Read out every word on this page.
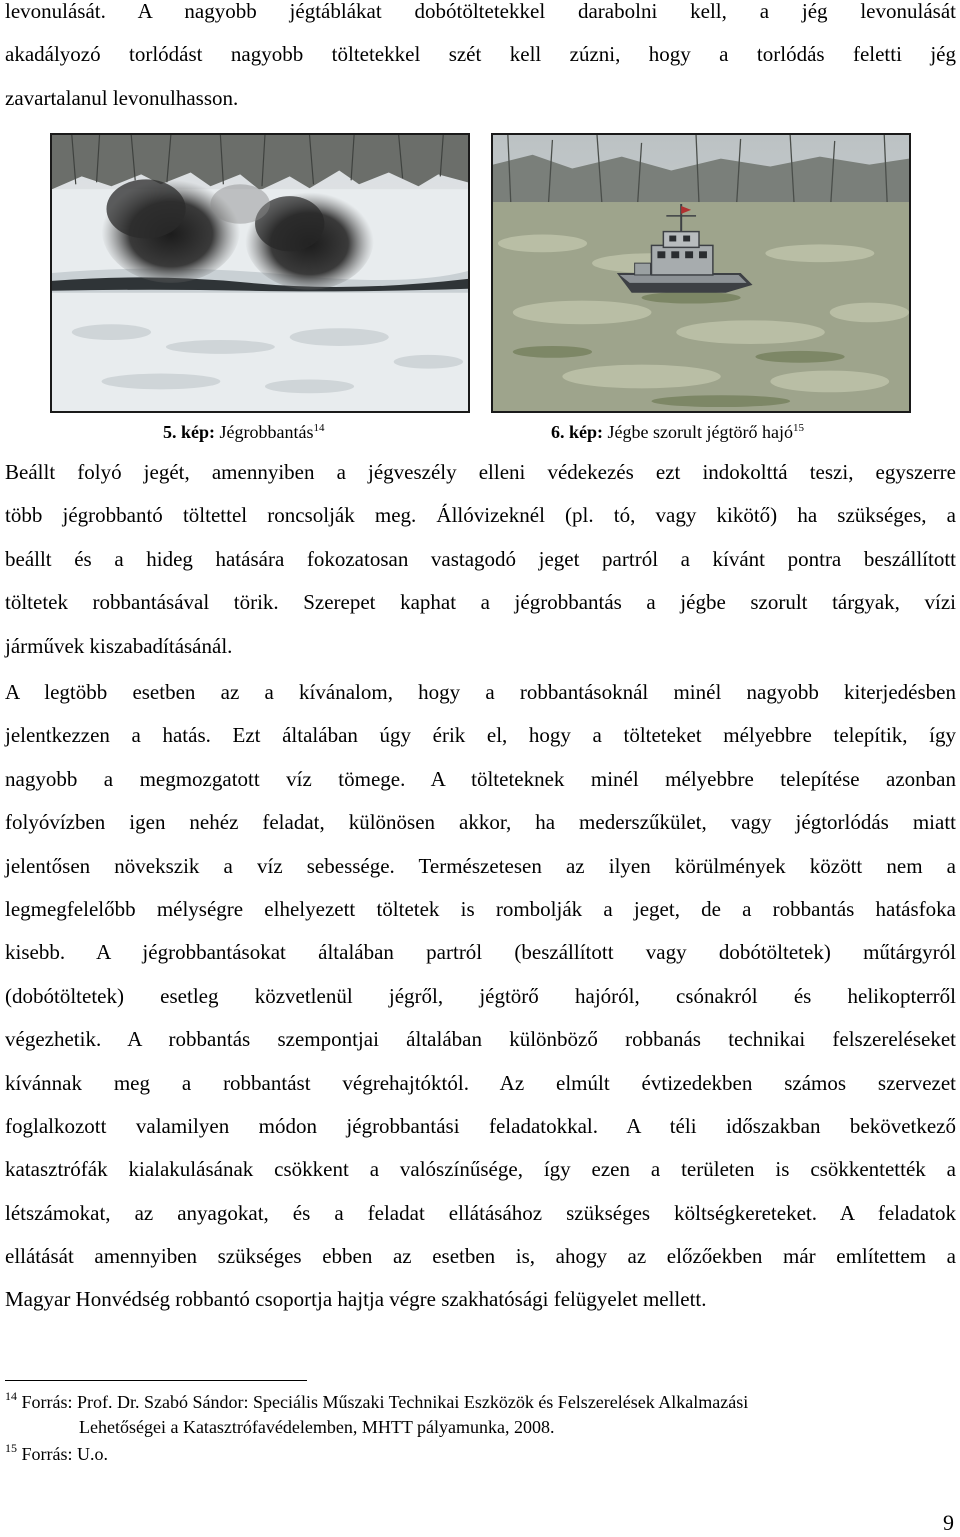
levonulását. A nagyobb jégtáblákat dobótöltetekkel darabolni kell, a jég levonulását
akadályozó torlódást nagyobb töltetekkel szét kell zúzni, hogy a torlódás feletti jég
zavartalanul levonulhasson.
5. kép: Jégrobbantás$^{14}$	6. kép: Jégbe szorult jégtörő hajó$^{15}$
Beállt folyó jegét, amennyiben a jégveszély elleni védekezés ezt indokolttá teszi, egyszerre
több jégrobbantó töltettel roncsolják meg. Állóvizeknél (pl. tó, vagy kikötő) ha szükséges, a
beállt és a hideg hatására fokozatosan vastagodó jeget partról a kívánt pontra beszállított
töltetek robbantásával törik. Szerepet kaphat a jégrobbantás a jégbe szorult tárgyak, vízi
járművek kiszabadításánál.
A legtöbb esetben az a kívánalom, hogy a robbantásoknál minél nagyobb kiterjedésben
jelentkezzen a hatás. Ezt általában úgy érik el, hogy a tölteteket mélyebbre telepítik, így
nagyobb a megmozgatott víz tömege. A tölteteknek minél mélyebbre telepítése azonban
folyóvízben igen nehéz feladat, különösen akkor, ha mederszűkület, vagy jégtorlódás miatt
jelentősen növekszik a víz sebessége. Természetesen az ilyen körülmények között nem a
legmegfelelőbb mélységre elhelyezett töltetek is rombolják a jeget, de a robbantás hatásfoka
kisebb. A jégrobbantásokat általában partról (beszállított vagy dobótöltetek) műtárgyról
(dobótöltetek) esetleg közvetlenül jégről, jégtörő hajóról, csónakról és helikopterről
végezhetik. A robbantás szempontjai általában különböző robbanás technikai felszereléseket
kívánnak meg a robbantást végrehajtóktól. Az elmúlt évtizedekben számos szervezet
foglalkozott valamilyen módon jégrobbantási feladatokkal. A téli időszakban bekövetkező
katasztrófák kialakulásának csökkent a valószínűsége, így ezen a területen is csökkentették a
létszámokat, az anyagokat, és a feladat ellátásához szükséges költségkereteket. A feladatok
ellátását amennyiben szükséges ebben az esetben is, ahogy az előzőekben már említettem a
Magyar Honvédség robbantó csoportja hajtja végre szakhatósági felügyelet mellett.
$^{14}$ Forrás: Prof. Dr. Szabó Sándor: Speciális Műszaki Technikai Eszközök és Felszerelések Alkalmazási
Lehetőségei a Katasztrófavédelemben, MHTT pályamunka, 2008.
$^{15}$ Forrás: U.o.
9
